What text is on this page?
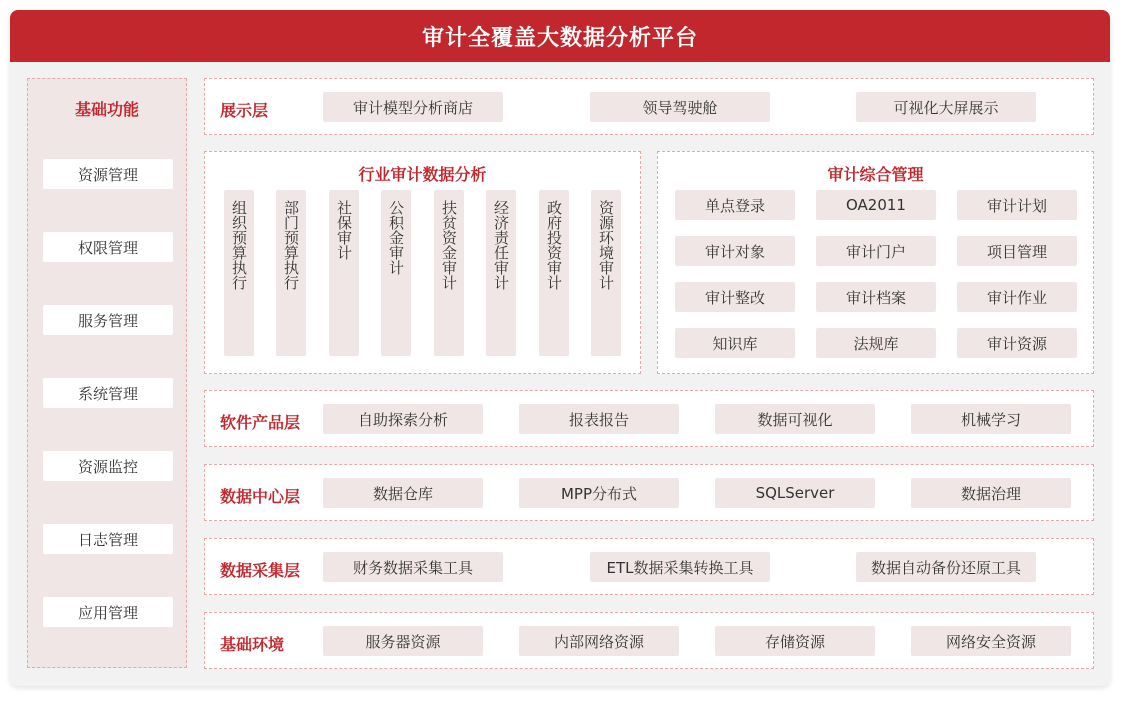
审计全覆盖大数据分析平台
基础功能
资源管理
权限管理
服务管理
系统管理
资源监控
日志管理
应用管理
展示层	审计模型分析商店	领导驾驶舱	可视化大屏展示
行业审计数据分析
组织预算执行	部门预算执行	社保审计	公积金审计	扶贫资金审计	经济责任审计	政府投资审计	资源环境审计
审计综合管理
单点登录	OA2011	审计计划
审计对象	审计门户	项目管理
审计整改	审计档案	审计作业
知识库	法规库	审计资源
软件产品层	自助探索分析	报表报告	数据可视化	机械学习
数据中心层	数据仓库	MPP分布式	SQLServer	数据治理
数据采集层	财务数据采集工具	ETL数据采集转换工具	数据自动备份还原工具
基础环境	服务器资源	内部网络资源	存储资源	网络安全资源
